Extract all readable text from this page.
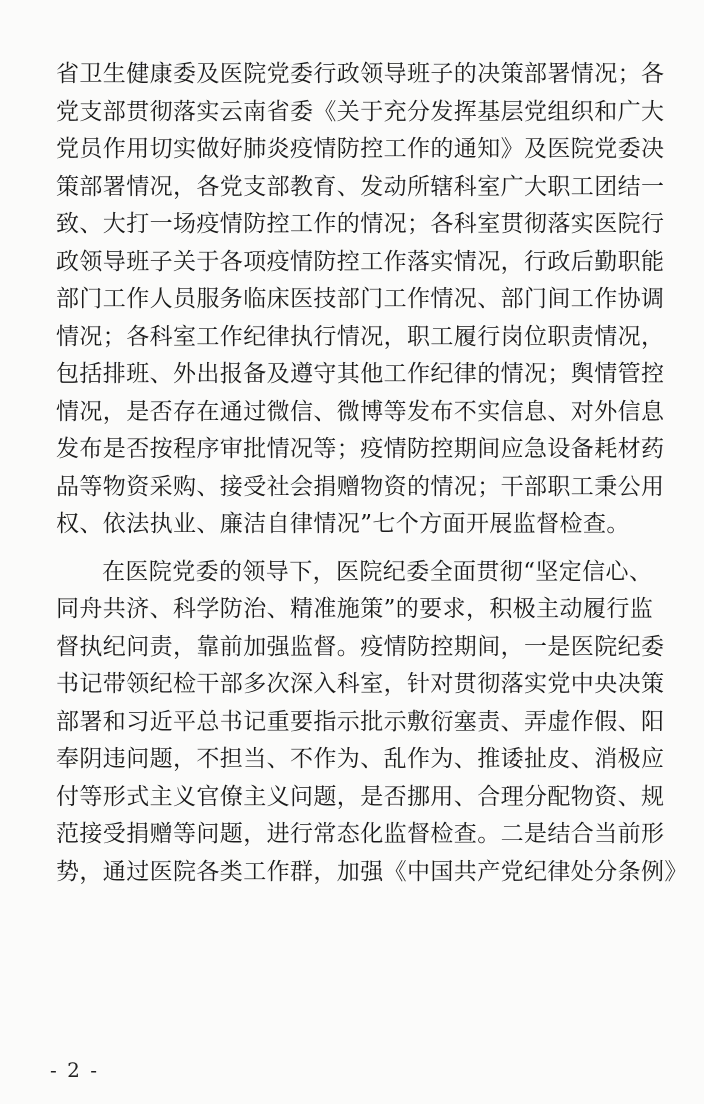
省卫生健康委及医院党委行政领导班子的决策部署情况；各
党支部贯彻落实云南省委《关于充分发挥基层党组织和广大
党员作用切实做好肺炎疫情防控工作的通知》及医院党委决
策部署情况，各党支部教育、发动所辖科室广大职工团结一
致、大打一场疫情防控工作的情况；各科室贯彻落实医院行
政领导班子关于各项疫情防控工作落实情况，行政后勤职能
部门工作人员服务临床医技部门工作情况、部门间工作协调
情况；各科室工作纪律执行情况，职工履行岗位职责情况，
包括排班、外出报备及遵守其他工作纪律的情况；舆情管控
情况，是否存在通过微信、微博等发布不实信息、对外信息
发布是否按程序审批情况等；疫情防控期间应急设备耗材药
品等物资采购、接受社会捐赠物资的情况；干部职工秉公用
权、依法执业、廉洁自律情况”七个方面开展监督检查。
在医院党委的领导下，医院纪委全面贯彻“坚定信心、
同舟共济、科学防治、精准施策”的要求，积极主动履行监
督执纪问责，靠前加强监督。疫情防控期间，一是医院纪委
书记带领纪检干部多次深入科室，针对贯彻落实党中央决策
部署和习近平总书记重要指示批示敷衍塞责、弄虚作假、阳
奉阴违问题，不担当、不作为、乱作为、推诿扯皮、消极应
付等形式主义官僚主义问题，是否挪用、合理分配物资、规
范接受捐赠等问题，进行常态化监督检查。二是结合当前形
势，通过医院各类工作群，加强《中国共产党纪律处分条例》
- 2 -
